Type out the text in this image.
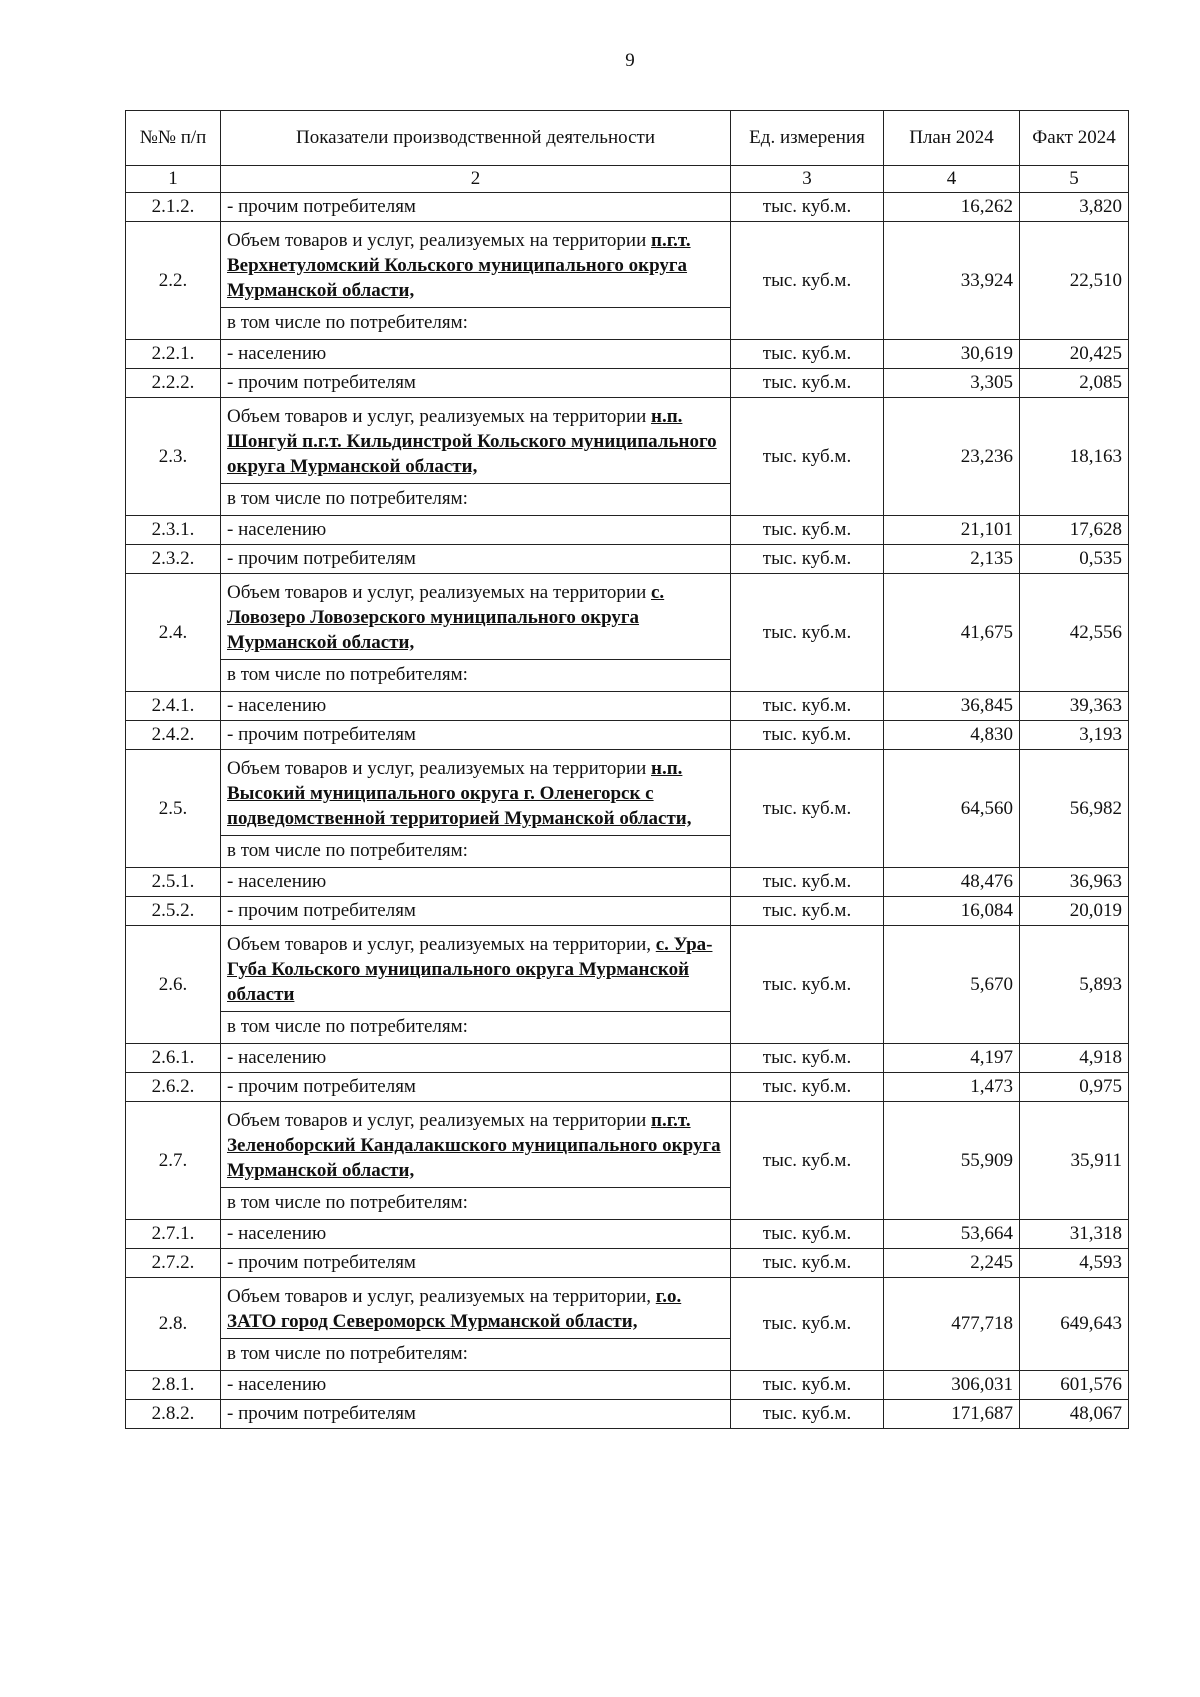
9
№№ п/п	Показатели производственной деятельности	Ед. измерения	План 2024	Факт 2024
1	2	3	4	5
2.1.2.	- прочим потребителям	тыс. куб.м.	16,262	3,820
2.2.	Объем товаров и услуг, реализуемых на территории п.г.т. Верхнетуломский Кольского муниципального округа Мурманской области,
в том числе по потребителям:	тыс. куб.м.	33,924	22,510
2.2.1.	- населению	тыс. куб.м.	30,619	20,425
2.2.2.	- прочим потребителям	тыс. куб.м.	3,305	2,085
2.3.	Объем товаров и услуг, реализуемых на территории н.п. Шонгуй п.г.т. Кильдинстрой Кольского муниципального округа Мурманской области,
в том числе по потребителям:	тыс. куб.м.	23,236	18,163
2.3.1.	- населению	тыс. куб.м.	21,101	17,628
2.3.2.	- прочим потребителям	тыс. куб.м.	2,135	0,535
2.4.	Объем товаров и услуг, реализуемых на территории с. Ловозеро Ловозерского муниципального округа Мурманской области,
в том числе по потребителям:	тыс. куб.м.	41,675	42,556
2.4.1.	- населению	тыс. куб.м.	36,845	39,363
2.4.2.	- прочим потребителям	тыс. куб.м.	4,830	3,193
2.5.	Объем товаров и услуг, реализуемых на территории н.п. Высокий муниципального округа г. Оленегорск с подведомственной территорией Мурманской области,
в том числе по потребителям:	тыс. куб.м.	64,560	56,982
2.5.1.	- населению	тыс. куб.м.	48,476	36,963
2.5.2.	- прочим потребителям	тыс. куб.м.	16,084	20,019
2.6.	Объем товаров и услуг, реализуемых на территории, с. Ура-Губа Кольского муниципального округа Мурманской области
в том числе по потребителям:	тыс. куб.м.	5,670	5,893
2.6.1.	- населению	тыс. куб.м.	4,197	4,918
2.6.2.	- прочим потребителям	тыс. куб.м.	1,473	0,975
2.7.	Объем товаров и услуг, реализуемых на территории п.г.т. Зеленоборский Кандалакшского муниципального округа Мурманской области,
в том числе по потребителям:	тыс. куб.м.	55,909	35,911
2.7.1.	- населению	тыс. куб.м.	53,664	31,318
2.7.2.	- прочим потребителям	тыс. куб.м.	2,245	4,593
2.8.	Объем товаров и услуг, реализуемых на территории, г.о. ЗАТО город Североморск Мурманской области,
в том числе по потребителям:	тыс. куб.м.	477,718	649,643
2.8.1.	- населению	тыс. куб.м.	306,031	601,576
2.8.2.	- прочим потребителям	тыс. куб.м.	171,687	48,067
